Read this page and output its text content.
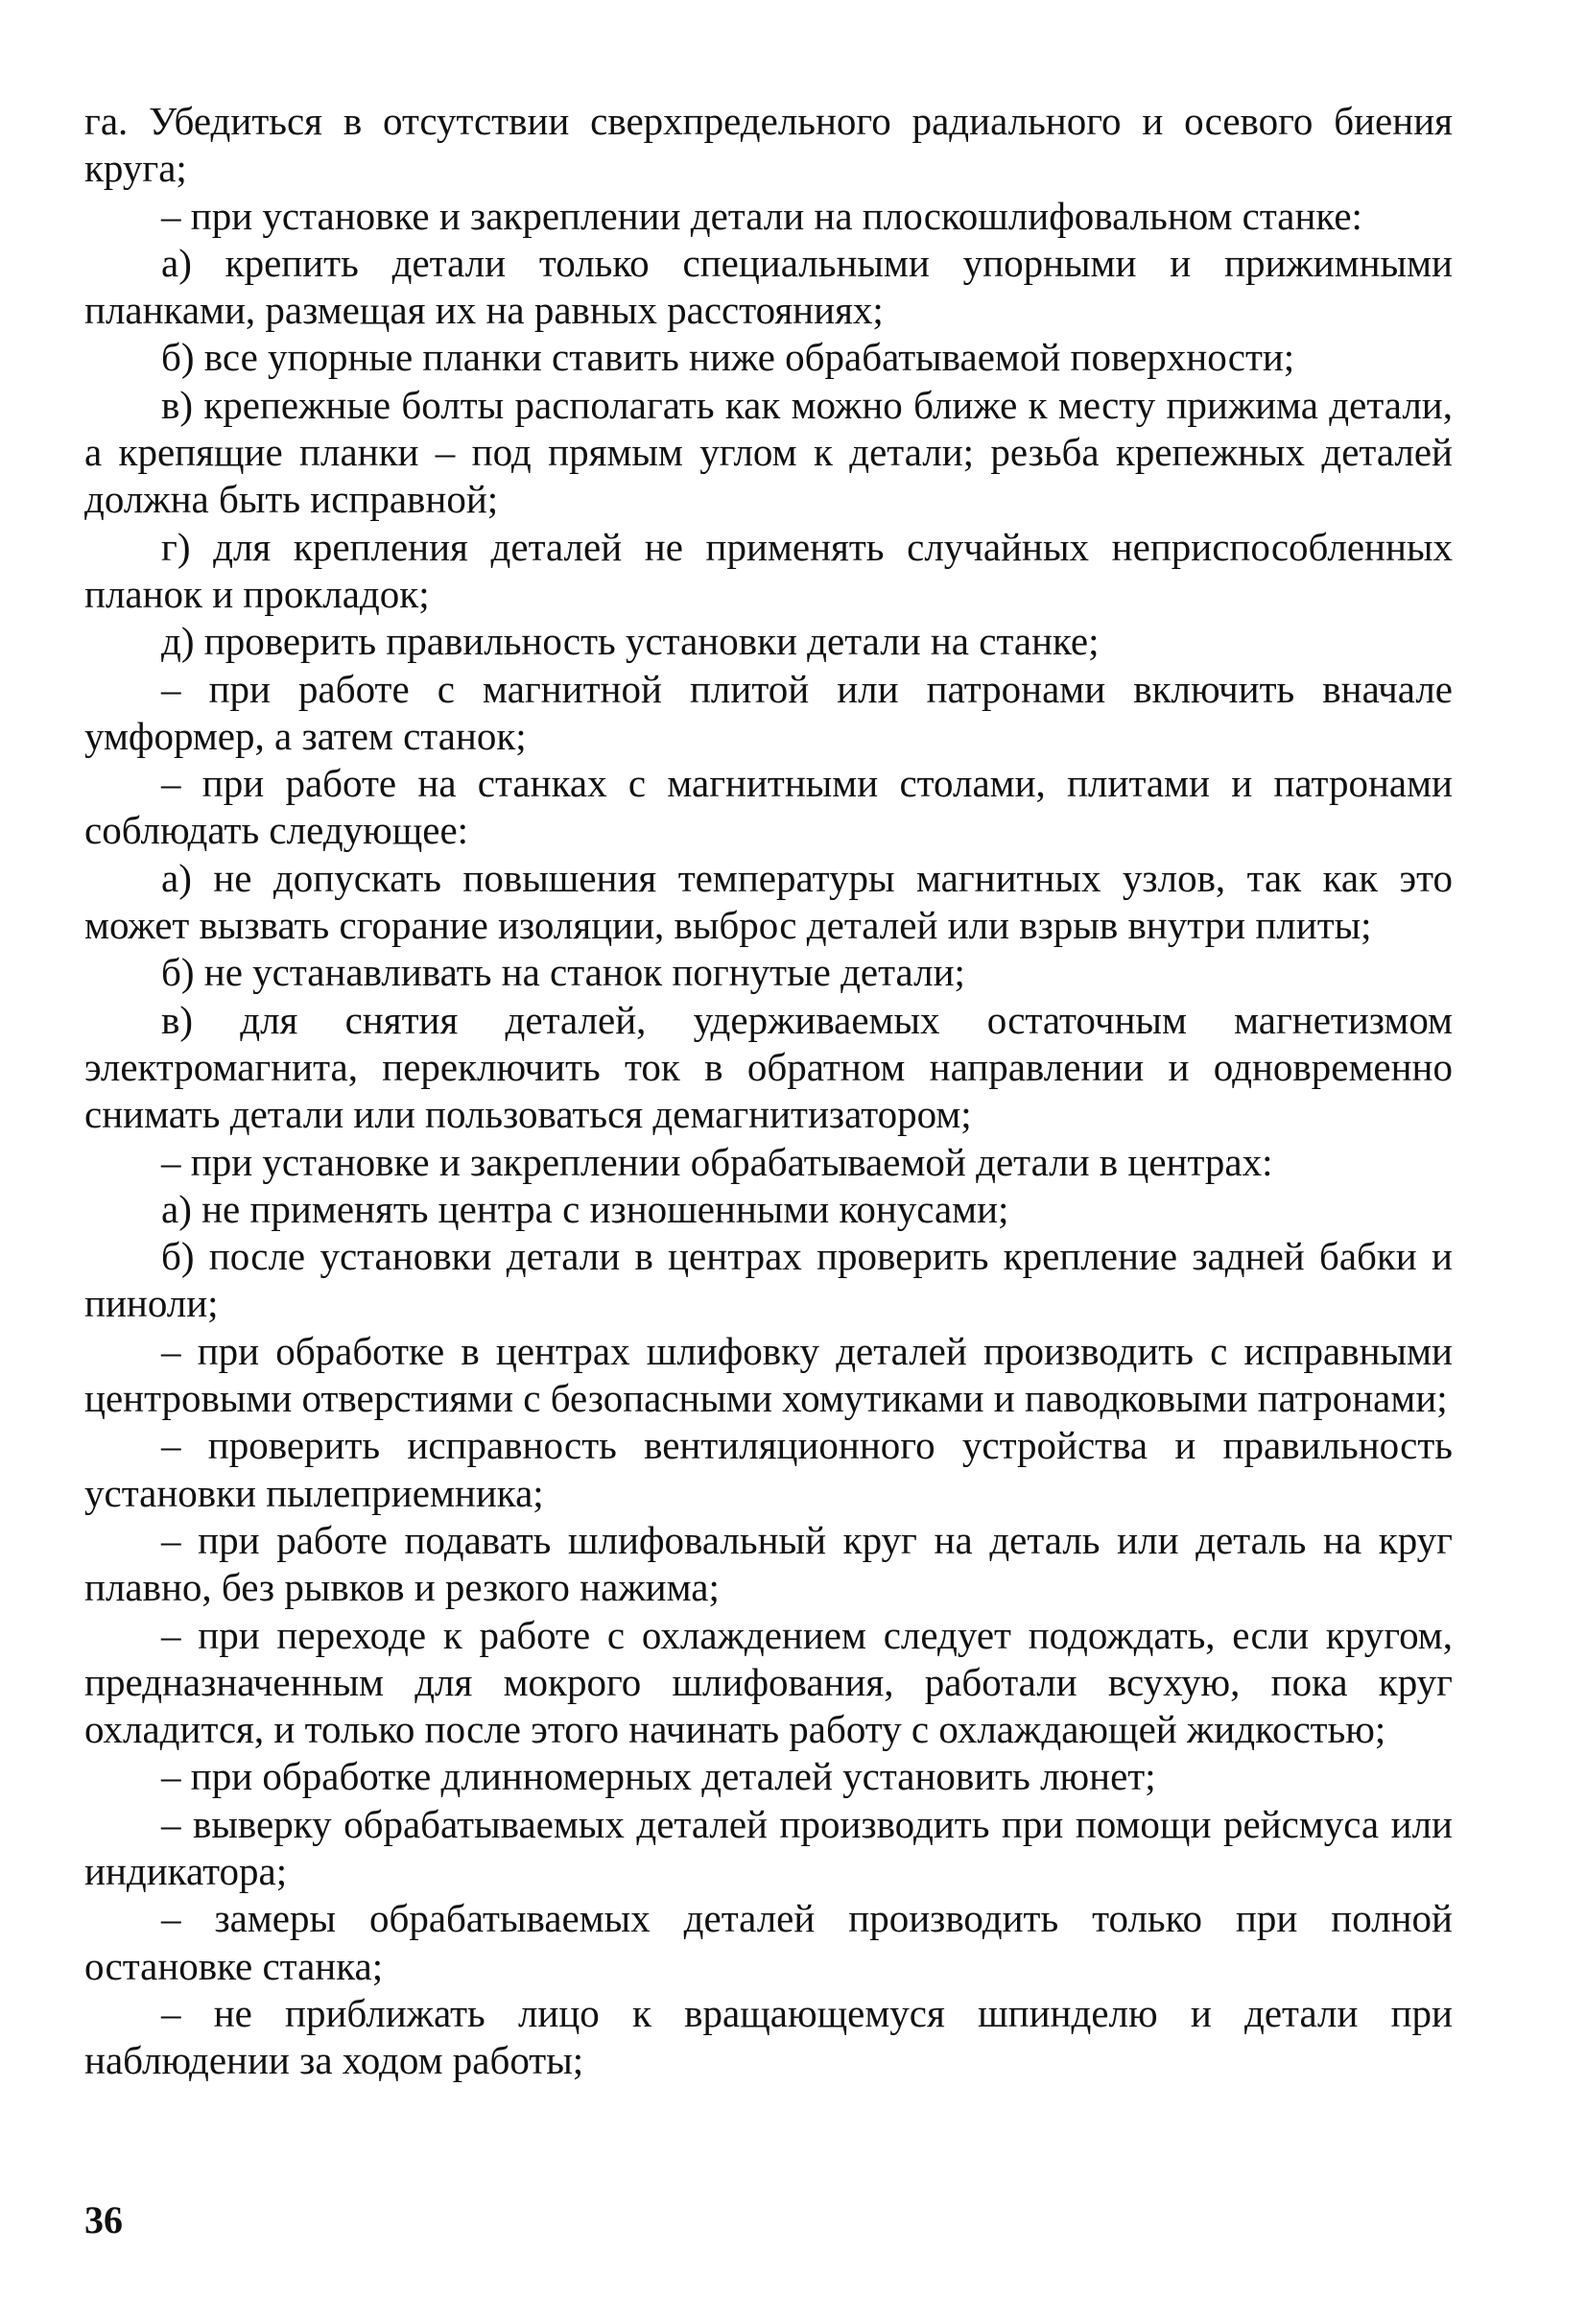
га. Убедиться в отсутствии сверхпредельного радиального и осевого биения круга;

– при установке и закреплении детали на плоскошлифовальном станке:

а) крепить детали только специальными упорными и прижимными планками, размещая их на равных расстояниях;

б) все упорные планки ставить ниже обрабатываемой поверхности;

в) крепежные болты располагать как можно ближе к месту прижима детали, а крепящие планки – под прямым углом к детали; резьба крепежных деталей должна быть исправной;

г) для крепления деталей не применять случайных неприспособленных планок и прокладок;

д) проверить правильность установки детали на станке;

– при работе с магнитной плитой или патронами включить вначале умформер, а затем станок;

– при работе на станках с магнитными столами, плитами и патронами соблюдать следующее:

а) не допускать повышения температуры магнитных узлов, так как это может вызвать сгорание изоляции, выброс деталей или взрыв внутри плиты;

б) не устанавливать на станок погнутые детали;

в) для снятия деталей, удерживаемых остаточным магнетизмом электромагнита, переключить ток в обратном направлении и одновременно снимать детали или пользоваться демагнитизатором;

– при установке и закреплении обрабатываемой детали в центрах:

а) не применять центра с изношенными конусами;

б) после установки детали в центрах проверить крепление задней бабки и пиноли;

– при обработке в центрах шлифовку деталей производить с исправными центровыми отверстиями с безопасными хомутиками и паводковыми патронами;

– проверить исправность вентиляционного устройства и правильность установки пылеприемника;

– при работе подавать шлифовальный круг на деталь или деталь на круг плавно, без рывков и резкого нажима;

– при переходе к работе с охлаждением следует подождать, если кругом, предназначенным для мокрого шлифования, работали всухую, пока круг охладится, и только после этого начинать работу с охлаждающей жидкостью;

– при обработке длинномерных деталей установить люнет;

– выверку обрабатываемых деталей производить при помощи рейсмуса или индикатора;

– замеры обрабатываемых деталей производить только при полной остановке станка;

– не приближать лицо к вращающемуся шпинделю и детали при наблюдении за ходом работы;

36
